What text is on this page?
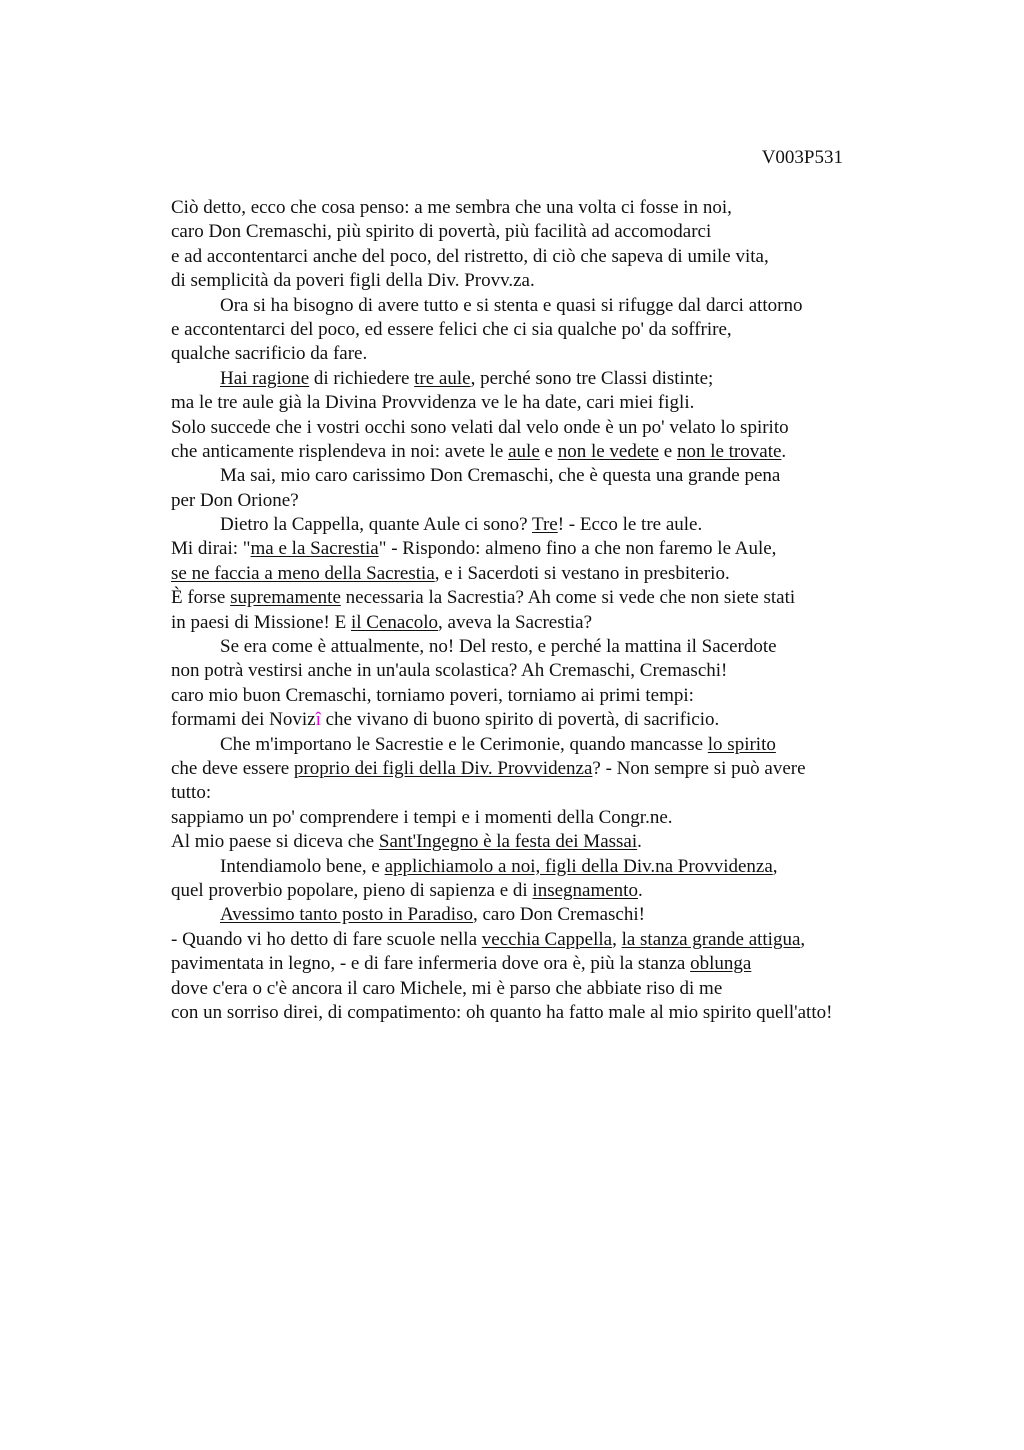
V003P531
Ciò detto, ecco che cosa penso: a me sembra che una volta ci fosse in noi,
caro Don Cremaschi, più spirito di povertà, più facilità ad accomodarci
e ad accontentarci anche del poco, del ristretto, di ciò che sapeva di umile vita,
di semplicità da poveri figli della Div. Provv.za.
Ora si ha bisogno di avere tutto e si stenta e quasi si rifugge dal darci attorno
e accontentarci del poco, ed essere felici che ci sia qualche po' da soffrire,
qualche sacrificio da fare.
Hai ragione di richiedere tre aule, perché sono tre Classi distinte;
ma le tre aule già la Divina Provvidenza ve le ha date, cari miei figli.
Solo succede che i vostri occhi sono velati dal velo onde è un po' velato lo spirito
che anticamente risplendeva in noi: avete le aule e non le vedete e non le trovate.
Ma sai, mio caro carissimo Don Cremaschi, che è questa una grande pena
per Don Orione?
Dietro la Cappella, quante Aule ci sono? Tre! - Ecco le tre aule.
Mi dirai: "ma e la Sacrestia" - Rispondo: almeno fino a che non faremo le Aule,
se ne faccia a meno della Sacrestia, e i Sacerdoti si vestano in presbiterio.
È forse supremamente necessaria la Sacrestia? Ah come si vede che non siete stati
in paesi di Missione! E il Cenacolo, aveva la Sacrestia?
Se era come è attualmente, no! Del resto, e perché la mattina il Sacerdote
non potrà vestirsi anche in un'aula scolastica? Ah Cremaschi, Cremaschi!
caro mio buon Cremaschi, torniamo poveri, torniamo ai primi tempi:
formami dei Novizî che vivano di buono spirito di povertà, di sacrificio.
Che m'importano le Sacrestie e le Cerimonie, quando mancasse lo spirito
che deve essere proprio dei figli della Div. Provvidenza? - Non sempre si può avere
tutto:
sappiamo un po' comprendere i tempi e i momenti della Congr.ne.
Al mio paese si diceva che Sant'Ingegno è la festa dei Massai.
Intendiamolo bene, e applichiamolo a noi, figli della Div.na Provvidenza,
quel proverbio popolare, pieno di sapienza e di insegnamento.
Avessimo tanto posto in Paradiso, caro Don Cremaschi!
- Quando vi ho detto di fare scuole nella vecchia Cappella, la stanza grande attigua,
pavimentata in legno, - e di fare infermeria dove ora è, più la stanza oblunga
dove c'era o c'è ancora il caro Michele, mi è parso che abbiate riso di me
con un sorriso direi, di compatimento: oh quanto ha fatto male al mio spirito quell'atto!
